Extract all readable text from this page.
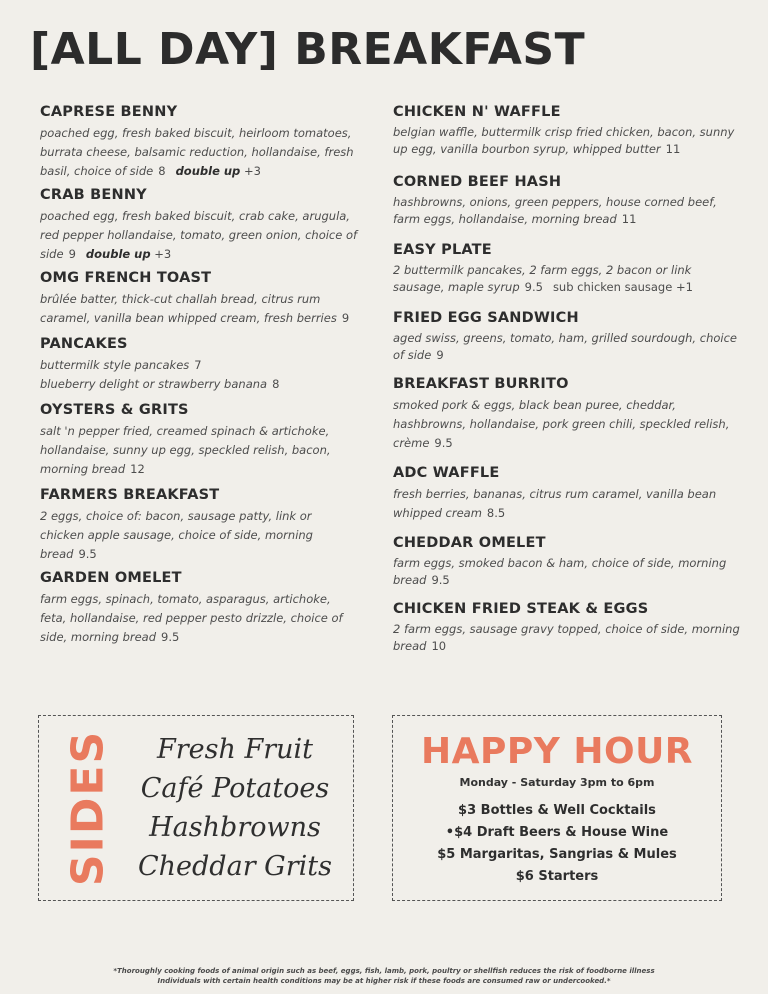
[ALL DAY] BREAKFAST
CAPRESE BENNY

poached egg, fresh baked biscuit, heirloom tomatoes, burrata cheese, balsamic reduction, hollandaise, fresh basil, choice of side 8 double up +3

CRAB BENNY

poached egg, fresh baked biscuit, crab cake, arugula, red pepper hollandaise, tomato, green onion, choice of side 9 double up +3

OMG FRENCH TOAST

brûlée batter, thick-cut challah bread, citrus rum caramel, vanilla bean whipped cream, fresh berries 9

PANCAKES

buttermilk style pancakes 7
blueberry delight or strawberry banana 8

OYSTERS & GRITS

salt 'n pepper fried, creamed spinach & artichoke, hollandaise, sunny up egg, speckled relish, bacon, morning bread 12

FARMERS BREAKFAST

2 eggs, choice of: bacon, sausage patty, link or chicken apple sausage, choice of side, morning bread 9.5

GARDEN OMELET

farm eggs, spinach, tomato, asparagus, artichoke, feta, hollandaise, red pepper pesto drizzle, choice of side, morning bread 9.5

CHICKEN N' WAFFLE

belgian waffle, buttermilk crisp fried chicken, bacon, sunny up egg, vanilla bourbon syrup, whipped butter 11

CORNED BEEF HASH

hashbrowns, onions, green peppers, house corned beef, farm eggs, hollandaise, morning bread 11

EASY PLATE

2 buttermilk pancakes, 2 farm eggs, 2 bacon or link sausage, maple syrup 9.5 sub chicken sausage +1

FRIED EGG SANDWICH

aged swiss, greens, tomato, ham, grilled sourdough, choice of side 9

BREAKFAST BURRITO

smoked pork & eggs, black bean puree, cheddar, hashbrowns, hollandaise, pork green chili, speckled relish, crème 9.5

ADC WAFFLE

fresh berries, bananas, citrus rum caramel, vanilla bean whipped cream 8.5

CHEDDAR OMELET

farm eggs, smoked bacon & ham, choice of side, morning bread 9.5

CHICKEN FRIED STEAK & EGGS

2 farm eggs, sausage gravy topped, choice of side, morning bread 10

SIDES	Fresh Fruit
Café Potatoes
Hashbrowns
Cheddar Grits
HAPPY HOUR
Monday - Saturday 3pm to 6pm
$3 Bottles & Well Cocktails
•$4 Draft Beers & House Wine
$5 Margaritas, Sangrias & Mules
$6 Starters
*Thoroughly cooking foods of animal origin such as beef, eggs, fish, lamb, pork, poultry or shellfish reduces the risk of foodborne illness
Individuals with certain health conditions may be at higher risk if these foods are consumed raw or undercooked.*
